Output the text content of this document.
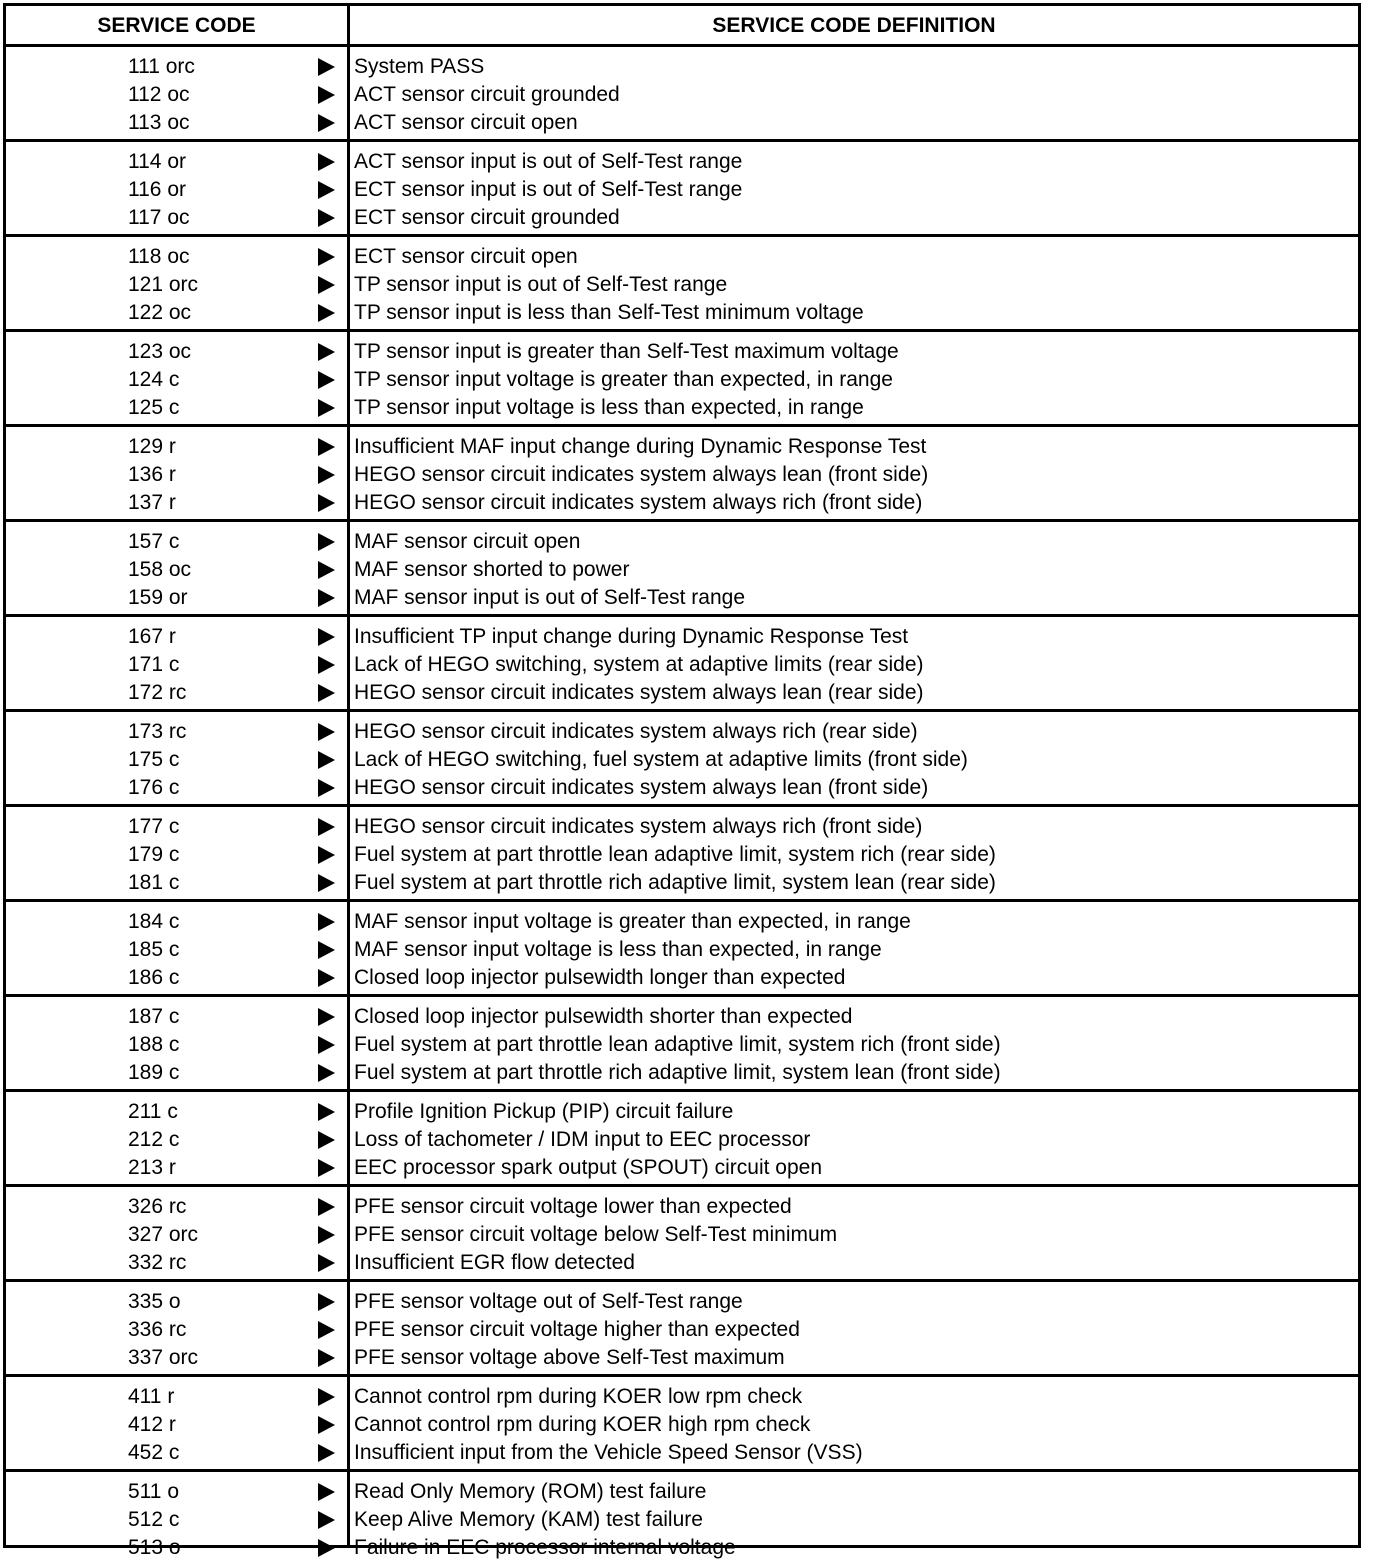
SERVICE CODE	SERVICE CODE DEFINITION
111 orc	System PASS
112 oc	ACT sensor circuit grounded
113 oc	ACT sensor circuit open
114 or	ACT sensor input is out of Self-Test range
116 or	ECT sensor input is out of Self-Test range
117 oc	ECT sensor circuit grounded
118 oc	ECT sensor circuit open
121 orc	TP sensor input is out of Self-Test range
122 oc	TP sensor input is less than Self-Test minimum voltage
123 oc	TP sensor input is greater than Self-Test maximum voltage
124 c	TP sensor input voltage is greater than expected, in range
125 c	TP sensor input voltage is less than expected, in range
129 r	Insufficient MAF input change during Dynamic Response Test
136 r	HEGO sensor circuit indicates system always lean (front side)
137 r	HEGO sensor circuit indicates system always rich (front side)
157 c	MAF sensor circuit open
158 oc	MAF sensor shorted to power
159 or	MAF sensor input is out of Self-Test range
167 r	Insufficient TP input change during Dynamic Response Test
171 c	Lack of HEGO switching, system at adaptive limits (rear side)
172 rc	HEGO sensor circuit indicates system always lean (rear side)
173 rc	HEGO sensor circuit indicates system always rich (rear side)
175 c	Lack of HEGO switching, fuel system at adaptive limits (front side)
176 c	HEGO sensor circuit indicates system always lean (front side)
177 c	HEGO sensor circuit indicates system always rich (front side)
179 c	Fuel system at part throttle lean adaptive limit, system rich (rear side)
181 c	Fuel system at part throttle rich adaptive limit, system lean (rear side)
184 c	MAF sensor input voltage is greater than expected, in range
185 c	MAF sensor input voltage is less than expected, in range
186 c	Closed loop injector pulsewidth longer than expected
187 c	Closed loop injector pulsewidth shorter than expected
188 c	Fuel system at part throttle lean adaptive limit, system rich (front side)
189 c	Fuel system at part throttle rich adaptive limit, system lean (front side)
211 c	Profile Ignition Pickup (PIP) circuit failure
212 c	Loss of tachometer / IDM input to EEC processor
213 r	EEC processor spark output (SPOUT) circuit open
326 rc	PFE sensor circuit voltage lower than expected
327 orc	PFE sensor circuit voltage below Self-Test minimum
332 rc	Insufficient EGR flow detected
335 o	PFE sensor voltage out of Self-Test range
336 rc	PFE sensor circuit voltage higher than expected
337 orc	PFE sensor voltage above Self-Test maximum
411 r	Cannot control rpm during KOER low rpm check
412 r	Cannot control rpm during KOER high rpm check
452 c	Insufficient input from the Vehicle Speed Sensor (VSS)
511 o	Read Only Memory (ROM) test failure
512 c	Keep Alive Memory (KAM) test failure
513 o	Failure in EEC processor internal voltage
